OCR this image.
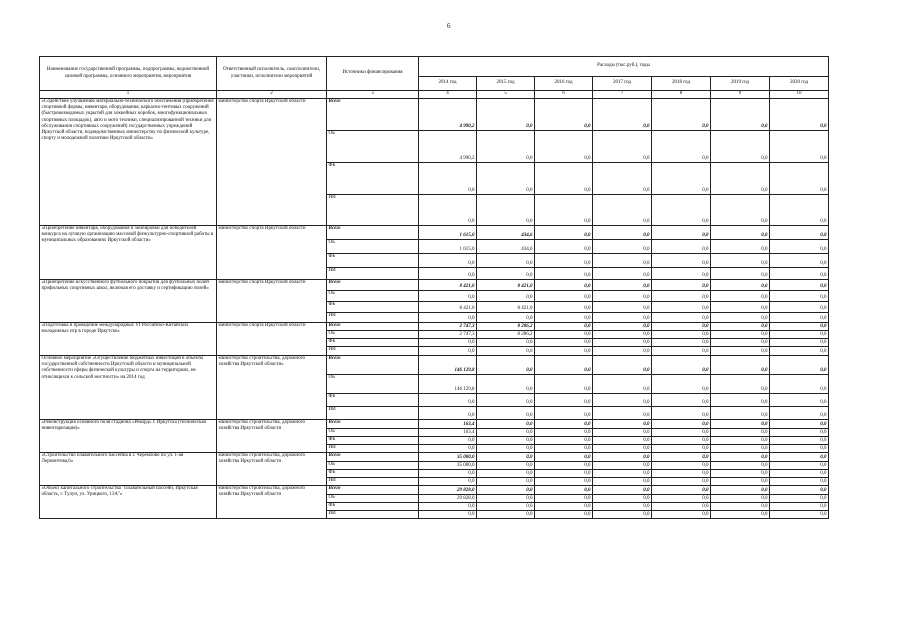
6
Наименование государственной программы, подпрограммы, ведомственной целевой программы, основного мероприятия, мероприятия	Ответственный исполнитель, соисполнители, участники, исполнители мероприятий	Источники финансирования	Расходы (тыс.руб.), годы						
			2014 год	2015 год	2016 год	2017 год	2018 год	2019 год	2020 год
1	2	3	4	5	6	7	8	9	10
«Содействие улучшению материально-технического обеспечения (приобретение спортивной формы, инвентаря, оборудования, каркасно-тентовых сооружений (быстровозводимых укрытий для хоккейных коробок, многофункциональных спортивных площадок), авто и мото техники, специализированной техники для обслуживания спортивных сооружений) государственных учреждений Иркутской области, подведомственных министерству по физической культуре, спорту и молодежной политике Иркутской области»	министерство спорта Иркутской области	Всего	4 990,2	0,0	0,0	0,0	0,0	0,0	0,0
		ОБ	4 990,2	0,0	0,0	0,0	0,0	0,0	0,0
		ФБ	0,0	0,0	0,0	0,0	0,0	0,0	0,0
		ИИ	0,0	0,0	0,0	0,0	0,0	0,0	0,0
«Приобретение инвентаря, оборудования и экипировки для победителей конкурса на лучшую организацию массовой физкультурно-спортивной работы в муниципальных образованиях Иркутской области»	министерство спорта Иркутской области	Всего	1 615,0	434,6	0,0	0,0	0,0	0,0	0,0
		ОБ	1 615,0	434,6	0,0	0,0	0,0	0,0	0,0
		ФБ	0,0	0,0	0,0	0,0	0,0	0,0	0,0
		ИИ	0,0	0,0	0,0	0,0	0,0	0,0	0,0
«Приобретение искусственного футбольного покрытия для футбольных полей профильных спортивных школ, включая его доставку и сертификацию полей»	министерство спорта Иркутской области	Всего	8 421,0	8 421,0	0,0	0,0	0,0	0,0	0,0
		ОБ	0,0	0,0	0,0	0,0	0,0	0,0	0,0
		ФБ	8 421,0	8 421,0	0,0	0,0	0,0	0,0	0,0
		ИИ	0,0	0,0	0,0	0,0	0,0	0,0	0,0
«Подготовка и проведение международных VI Российско-Китайских молодежных игр в городе Иркутске»	министерство спорта Иркутской области	Всего	2 747,3	8 286,2	0,0	0,0	0,0	0,0	0,0
		ОБ	2 747,3	8 286,2	0,0	0,0	0,0	0,0	0,0
		ФБ	0,0	0,0	0,0	0,0	0,0	0,0	0,0
		ИИ	0,0	0,0	0,0	0,0	0,0	0,0	0,0
Основное мероприятие «Осуществление бюджетных инвестиций в объекты государственной собственности Иркутской области и муниципальной собственности сферы физической культуры и спорта на территориях, не относящихся к сельской местности» на 2014 год	министерство строительства, дорожного хозяйства Иркутской области»	Всего	146 129,8	0,0	0,0	0,0	0,0	0,0	0,0
		ОБ	146 129,8	0,0	0,0	0,0	0,0	0,0	0,0
		ФБ	0,0	0,0	0,0	0,0	0,0	0,0	0,0
		ИИ	0,0	0,0	0,0	0,0	0,0	0,0	0,0
«Реконструкция основного поля стадиона «Рекорд» г. Иркутска (техническая инвентаризация)»	министерство строительства, дорожного хозяйства Иркутской области	Всего	163,4	0,0	0,0	0,0	0,0	0,0	0,0
		ОБ	163,4	0,0	0,0	0,0	0,0	0,0	0,0
		ФБ	0,0	0,0	0,0	0,0	0,0	0,0	0,0
		ИИ	0,0	0,0	0,0	0,0	0,0	0,0	0,0
«Строительство плавательного бассейна в г. Черемхово по ул. 1-ая Лермонтова,6»	министерство строительства, дорожного хозяйства Иркутской области	Всего	35 000,0	0,0	0,0	0,0	0,0	0,0	0,0
		ОБ	35 000,0	0,0	0,0	0,0	0,0	0,0	0,0
		ФБ	0,0	0,0	0,0	0,0	0,0	0,0	0,0
		ИИ	0,0	0,0	0,0	0,0	0,0	0,0	0,0
«Объект капитального строительства "Плавательный бассейн, Иркутская область, г. Тулун, ул. Урицкого, 13А"»	министерство строительства, дорожного хозяйства Иркутской области	Всего	29 828,0	0,0	0,0	0,0	0,0	0,0	0,0
		ОБ	29 828,0	0,0	0,0	0,0	0,0	0,0	0,0
		ФБ	0,0	0,0	0,0	0,0	0,0	0,0	0,0
		ИИ	0,0	0,0	0,0	0,0	0,0	0,0	0,0
